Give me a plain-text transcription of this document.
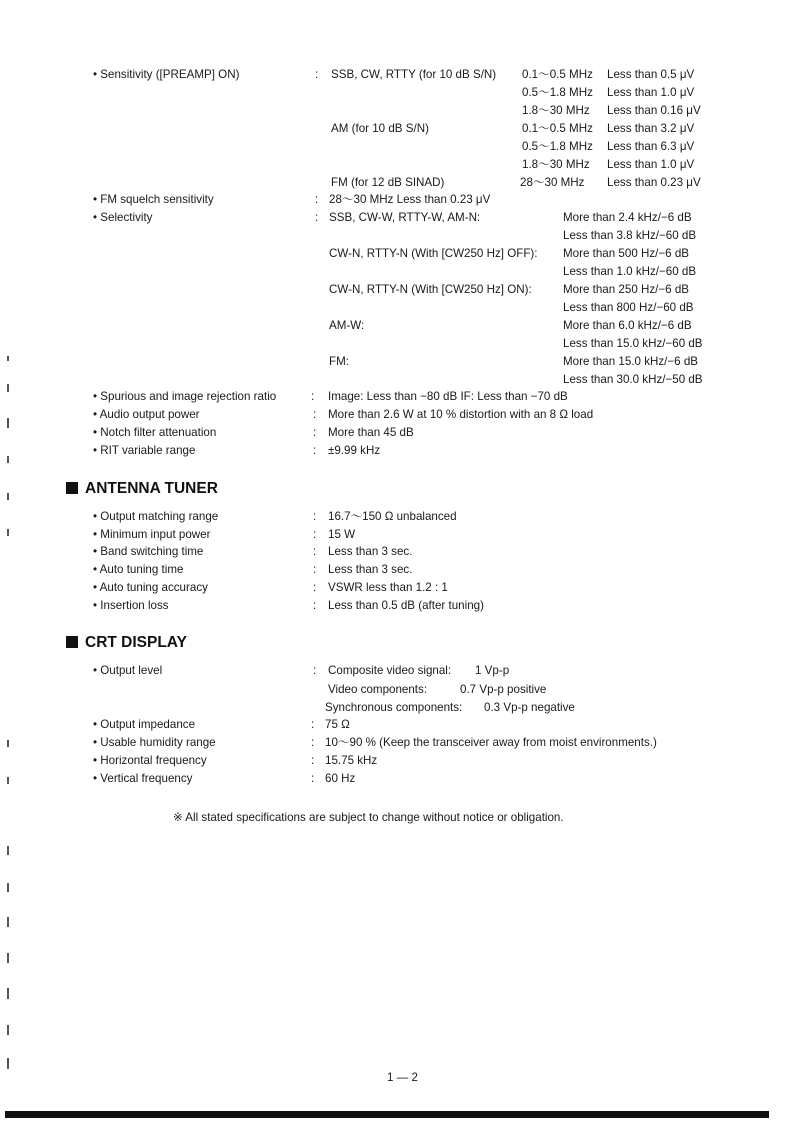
• Sensitivity ([PREAMP] ON)	: SSB, CW, RTTY (for 10 dB S/N) 0.1～0.5 MHz Less than 0.5 μV
0.5～1.8 MHz Less than 1.0 μV
1.8～30 MHz Less than 0.16 μV
AM (for 10 dB S/N)	0.1～0.5 MHz Less than 3.2 μV
0.5～1.8 MHz Less than 6.3 μV
1.8～30 MHz Less than 1.0 μV
FM (for 12 dB SINAD)	28～30 MHz Less than 0.23 μV
• FM squelch sensitivity	: 28～30 MHz Less than 0.23 μV
• Selectivity	: SSB, CW-W, RTTY-W, AM-N:	More than 2.4 kHz/−6 dB
Less than 3.8 kHz/−60 dB
CW-N, RTTY-N (With [CW250 Hz] OFF): More than 500 Hz/−6 dB
Less than 1.0 kHz/−60 dB
CW-N, RTTY-N (With [CW250 Hz] ON):	More than 250 Hz/−6 dB
Less than 800 Hz/−60 dB
AM-W:	More than 6.0 kHz/−6 dB
Less than 15.0 kHz/−60 dB
FM:	More than 15.0 kHz/−6 dB
Less than 30.0 kHz/−50 dB
• Spurious and image rejection ratio	: Image: Less than −80 dB IF: Less than −70 dB
• Audio output power	: More than 2.6 W at 10 % distortion with an 8 Ω load
• Notch filter attenuation	: More than 45 dB
• RIT variable range	: ±9.99 kHz
ANTENNA TUNER
• Output matching range	: 16.7～150 Ω unbalanced
• Minimum input power	: 15 W
• Band switching time	: Less than 3 sec.
• Auto tuning time	: Less than 3 sec.
• Auto tuning accuracy	: VSWR less than 1.2 : 1
• Insertion loss	: Less than 0.5 dB (after tuning)
CRT DISPLAY
• Output level	: Composite video signal: 1 Vp-p
Video components:	0.7 Vp-p positive
Synchronous components: 0.3 Vp-p negative
• Output impedance	: 75 Ω
• Usable humidity range	: 10～90 % (Keep the transceiver away from moist environments.)
• Horizontal frequency	: 15.75 kHz
• Vertical frequency	: 60 Hz
※ All stated specifications are subject to change without notice or obligation.
1 — 2
